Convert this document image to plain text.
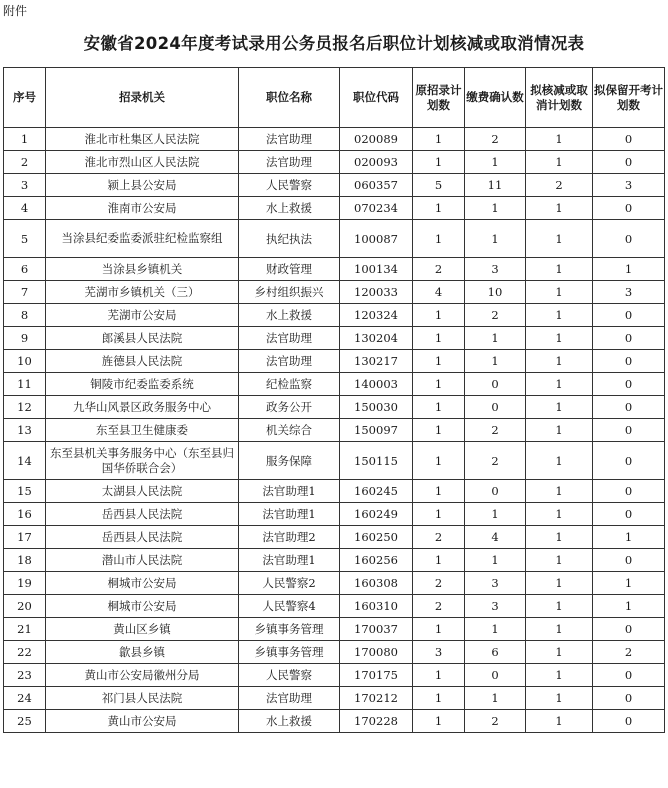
附件
安徽省2024年度考试录用公务员报名后职位计划核减或取消情况表
序号	招录机关	职位名称	职位代码	原招录计划数	缴费确认数	拟核减或取消计划数	拟保留开考计划数
1	淮北市杜集区人民法院	法官助理	020089	1	2	1	0
2	淮北市烈山区人民法院	法官助理	020093	1	1	1	0
3	颍上县公安局	人民警察	060357	5	11	2	3
4	淮南市公安局	水上救援	070234	1	1	1	0
5	当涂县纪委监委派驻纪检监察组	执纪执法	100087	1	1	1	0
6	当涂县乡镇机关	财政管理	100134	2	3	1	1
7	芜湖市乡镇机关（三）	乡村组织振兴	120033	4	10	1	3
8	芜湖市公安局	水上救援	120324	1	2	1	0
9	郎溪县人民法院	法官助理	130204	1	1	1	0
10	旌德县人民法院	法官助理	130217	1	1	1	0
11	铜陵市纪委监委系统	纪检监察	140003	1	0	1	0
12	九华山风景区政务服务中心	政务公开	150030	1	0	1	0
13	东至县卫生健康委	机关综合	150097	1	2	1	0
14	东至县机关事务服务中心（东至县归国华侨联合会）	服务保障	150115	1	2	1	0
15	太湖县人民法院	法官助理1	160245	1	0	1	0
16	岳西县人民法院	法官助理1	160249	1	1	1	0
17	岳西县人民法院	法官助理2	160250	2	4	1	1
18	潜山市人民法院	法官助理1	160256	1	1	1	0
19	桐城市公安局	人民警察2	160308	2	3	1	1
20	桐城市公安局	人民警察4	160310	2	3	1	1
21	黄山区乡镇	乡镇事务管理	170037	1	1	1	0
22	歙县乡镇	乡镇事务管理	170080	3	6	1	2
23	黄山市公安局徽州分局	人民警察	170175	1	0	1	0
24	祁门县人民法院	法官助理	170212	1	1	1	0
25	黄山市公安局	水上救援	170228	1	2	1	0
